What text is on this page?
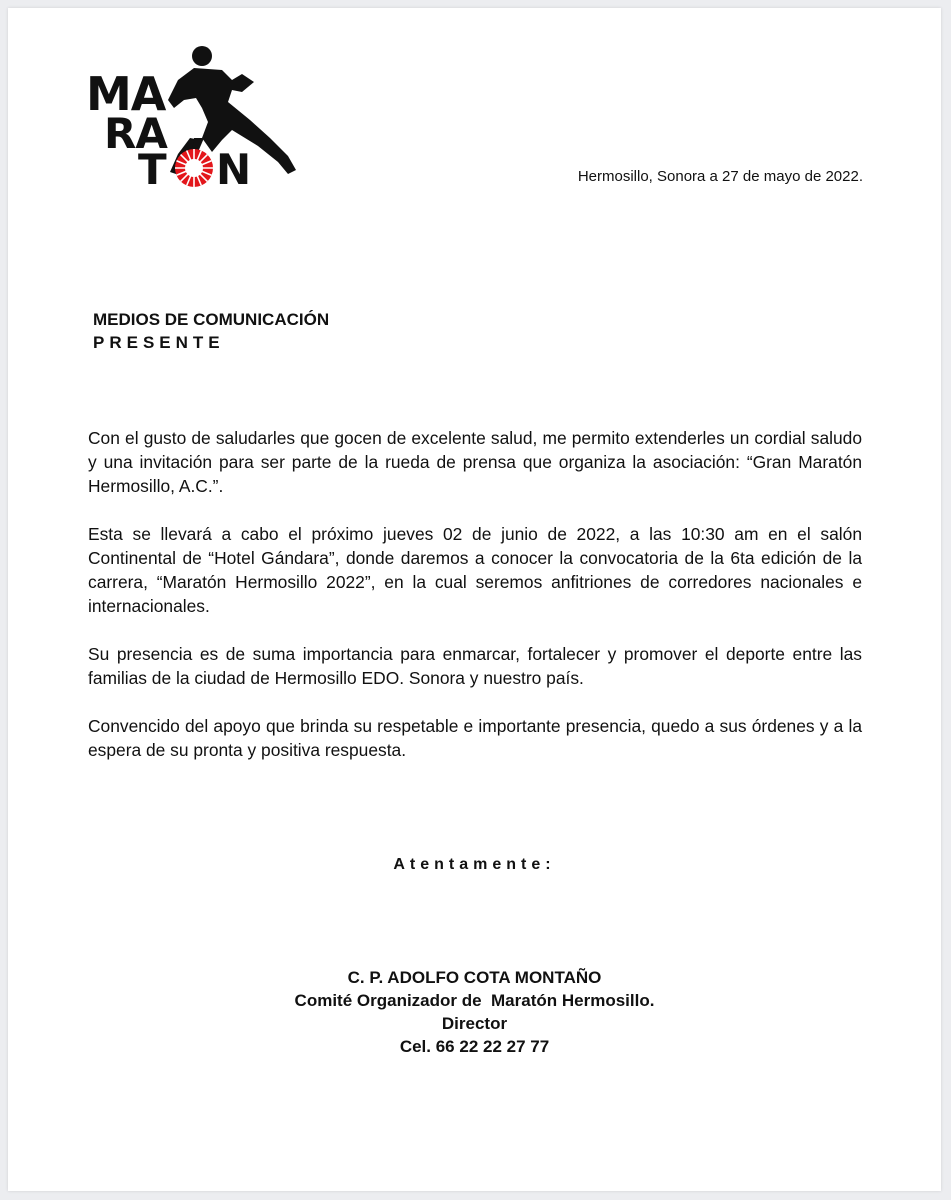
MA
RA
T N	Hermosillo, Sonora a 27 de mayo de 2022.
MEDIOS DE COMUNICACIÓN
PRESENTE

Con el gusto de saludarles que gocen de excelente salud, me permito extenderles un cordial saludo y una invitación para ser parte de la rueda de prensa que organiza la asociación: “Gran Maratón Hermosillo, A.C.”.

Esta se llevará a cabo el próximo jueves 02 de junio de 2022, a las 10:30 am en el salón Continental de “Hotel Gándara”, donde daremos a conocer la convocatoria de la 6ta edición de la carrera, “Maratón Hermosillo 2022”, en la cual seremos anfitriones de corredores nacionales e internacionales.

Su presencia es de suma importancia para enmarcar, fortalecer y promover el deporte entre las familias de la ciudad de Hermosillo EDO. Sonora y nuestro país.

Convencido del apoyo que brinda su respetable e importante presencia, quedo a sus órdenes y a la espera de su pronta y positiva respuesta.

Atentamente:
C. P. ADOLFO COTA MONTAÑO
Comité Organizador de  Maratón Hermosillo.
Director
Cel. 66 22 22 27 77
